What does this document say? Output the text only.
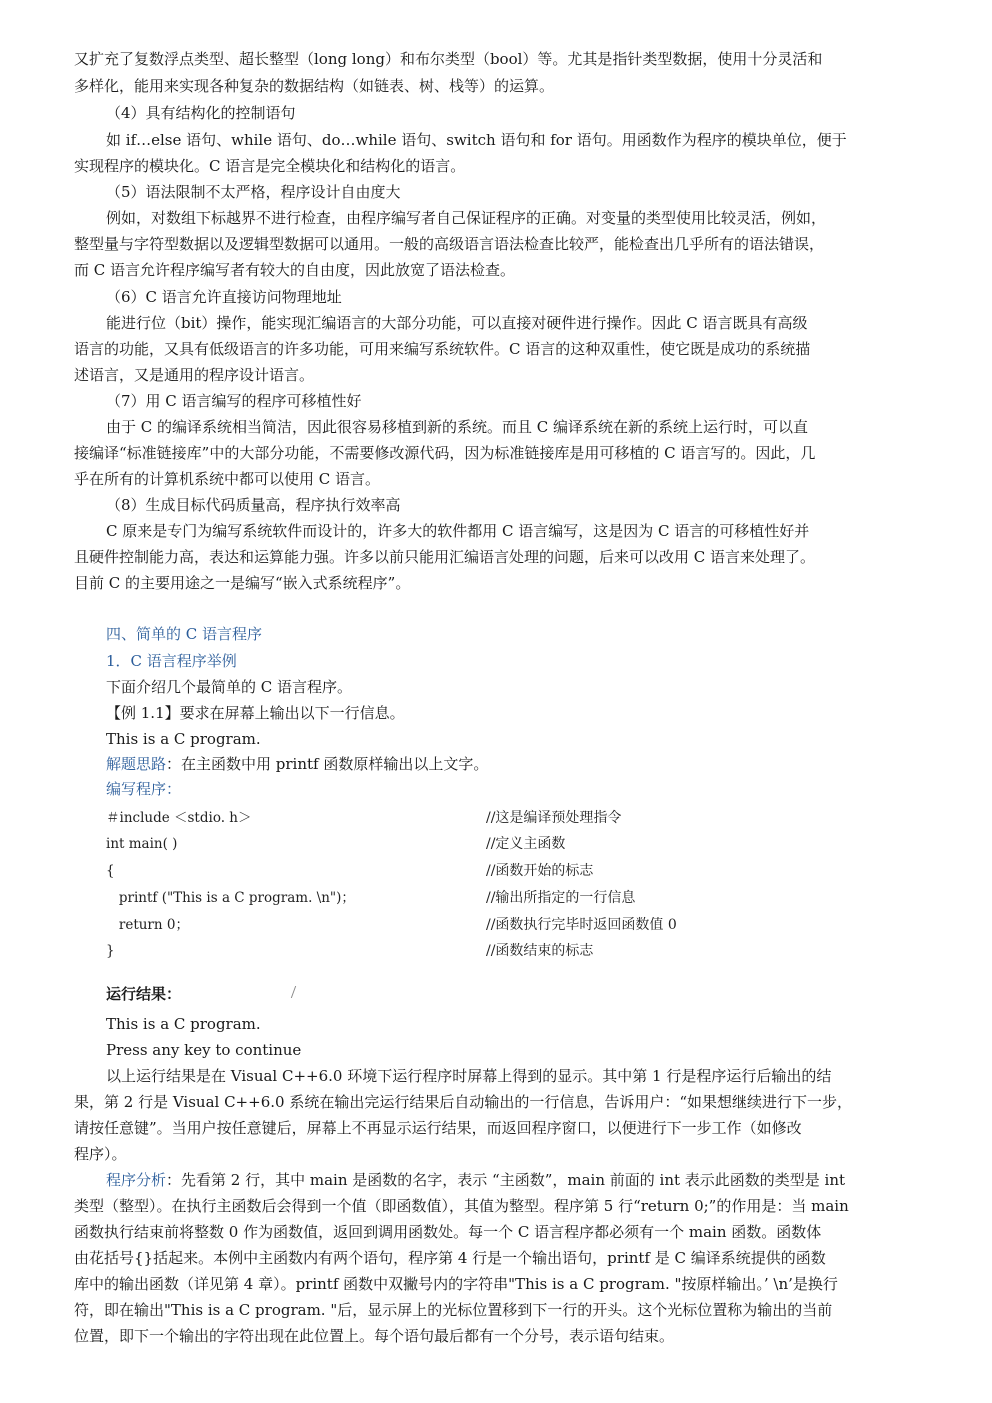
又扩充了复数浮点类型、超长整型（long long）和布尔类型（bool）等。尤其是指针类型数据，使用十分灵活和
多样化，能用来实现各种复杂的数据结构（如链表、树、栈等）的运算。
（4）具有结构化的控制语句
如 if…else 语句、while 语句、do…while 语句、switch 语句和 for 语句。用函数作为程序的模块单位，便于
实现程序的模块化。C 语言是完全模块化和结构化的语言。
（5）语法限制不太严格，程序设计自由度大
例如，对数组下标越界不进行检查，由程序编写者自己保证程序的正确。对变量的类型使用比较灵活，例如，
整型量与字符型数据以及逻辑型数据可以通用。一般的高级语言语法检查比较严，能检查出几乎所有的语法错误，
而 C 语言允许程序编写者有较大的自由度，因此放宽了语法检查。
（6）C 语言允许直接访问物理地址
能进行位（bit）操作，能实现汇编语言的大部分功能，可以直接对硬件进行操作。因此 C 语言既具有高级
语言的功能，又具有低级语言的许多功能，可用来编写系统软件。C 语言的这种双重性，使它既是成功的系统描
述语言，又是通用的程序设计语言。
（7）用 C 语言编写的程序可移植性好
由于 C 的编译系统相当简洁，因此很容易移植到新的系统。而且 C 编译系统在新的系统上运行时，可以直
接编译“标准链接库”中的大部分功能，不需要修改源代码，因为标准链接库是用可移植的 C 语言写的。因此，几
乎在所有的计算机系统中都可以使用 C 语言。
（8）生成目标代码质量高，程序执行效率高
C 原来是专门为编写系统软件而设计的，许多大的软件都用 C 语言编写，这是因为 C 语言的可移植性好并
且硬件控制能力高，表达和运算能力强。许多以前只能用汇编语言处理的问题，后来可以改用 C 语言来处理了。
目前 C 的主要用途之一是编写“嵌入式系统程序”。
四、简单的 C 语言程序
1．C 语言程序举例
下面介绍几个最简单的 C 语言程序。
【例 1.1】要求在屏幕上输出以下一行信息。
This is a C program.
解题思路：在主函数中用 printf 函数原样输出以上文字。
编写程序：
＃include ＜stdio. h＞	//这是编译预处理指令
int main( )	//定义主函数
{	//函数开始的标志
printf ("This is a C program. \n")；	//输出所指定的一行信息
return 0；	//函数执行完毕时返回函数值 0
}	//函数结束的标志
运行结果：
This is a C program.
Press any key to continue
以上运行结果是在 Visual C++6.0 环境下运行程序时屏幕上得到的显示。其中第 1 行是程序运行后输出的结
果，第 2 行是 Visual C++6.0 系统在输出完运行结果后自动输出的一行信息，告诉用户：“如果想继续进行下一步，
请按任意键”。当用户按任意键后，屏幕上不再显示运行结果，而返回程序窗口，以便进行下一步工作（如修改
程序）。
程序分析：先看第 2 行，其中 main 是函数的名字，表示 “主函数”，main 前面的 int 表示此函数的类型是 int
类型（整型）。在执行主函数后会得到一个值（即函数值），其值为整型。程序第 5 行“return 0;”的作用是：当 main
函数执行结束前将整数 0 作为函数值，返回到调用函数处。每一个 C 语言程序都必须有一个 main 函数。函数体
由花括号{}括起来。本例中主函数内有两个语句，程序第 4 行是一个输出语句，printf 是 C 编译系统提供的函数
库中的输出函数（详见第 4 章）。printf 函数中双撇号内的字符串"This is a C program. "按原样输出。’ \n’是换行
符，即在输出"This is a C program. "后，显示屏上的光标位置移到下一行的开头。这个光标位置称为输出的当前
位置，即下一个输出的字符出现在此位置上。每个语句最后都有一个分号，表示语句结束。
